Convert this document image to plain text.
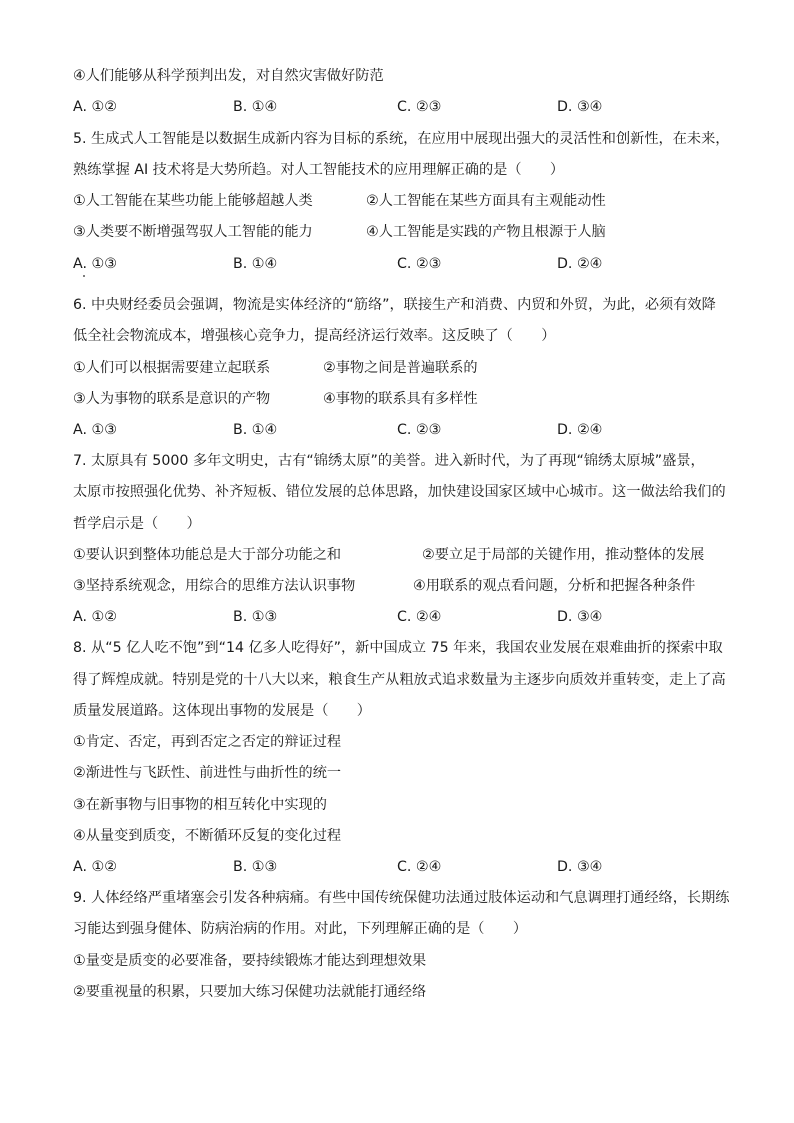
④人们能够从科学预判出发，对自然灾害做好防范
A. ①②	B. ①④	C. ②③	D. ③④
5. 生成式人工智能是以数据生成新内容为目标的系统，在应用中展现出强大的灵活性和创新性，在未来，
熟练掌握 AI 技术将是大势所趋。对人工智能技术的应用理解正确的是（　　）
①人工智能在某些功能上能够超越人类	②人工智能在某些方面具有主观能动性
③人类要不断增强驾驭人工智能的能力	④人工智能是实践的产物且根源于人脑
A. ①③	B. ①④	C. ②③	D. ②④
6. 中央财经委员会强调，物流是实体经济的“筋络”，联接生产和消费、内贸和外贸，为此，必须有效降
低全社会物流成本，增强核心竞争力，提高经济运行效率。这反映了（　　）
①人们可以根据需要建立起联系	②事物之间是普遍联系的
③人为事物的联系是意识的产物	④事物的联系具有多样性
A. ①③	B. ①④	C. ②③	D. ②④
7. 太原具有 5000 多年文明史，古有“锦绣太原”的美誉。进入新时代，为了再现“锦绣太原城”盛景，
太原市按照强化优势、补齐短板、错位发展的总体思路，加快建设国家区域中心城市。这一做法给我们的
哲学启示是（　　）
①要认识到整体功能总是大于部分功能之和	②要立足于局部的关键作用，推动整体的发展
③坚持系统观念，用综合的思维方法认识事物	④用联系的观点看问题，分析和把握各种条件
A. ①②	B. ①③	C. ②④	D. ③④
8. 从“5 亿人吃不饱”到“14 亿多人吃得好”，新中国成立 75 年来，我国农业发展在艰难曲折的探索中取
得了辉煌成就。特别是党的十八大以来，粮食生产从粗放式追求数量为主逐步向质效并重转变，走上了高
质量发展道路。这体现出事物的发展是（　　）
①肯定、否定，再到否定之否定的辩证过程
②渐进性与飞跃性、前进性与曲折性的统一
③在新事物与旧事物的相互转化中实现的
④从量变到质变，不断循环反复的变化过程
A. ①②	B. ①③	C. ②④	D. ③④
9. 人体经络严重堵塞会引发各种病痛。有些中国传统保健功法通过肢体运动和气息调理打通经络，长期练
习能达到强身健体、防病治病的作用。对此，下列理解正确的是（　　）
①量变是质变的必要准备，要持续锻炼才能达到理想效果
②要重视量的积累，只要加大练习保健功法就能打通经络
